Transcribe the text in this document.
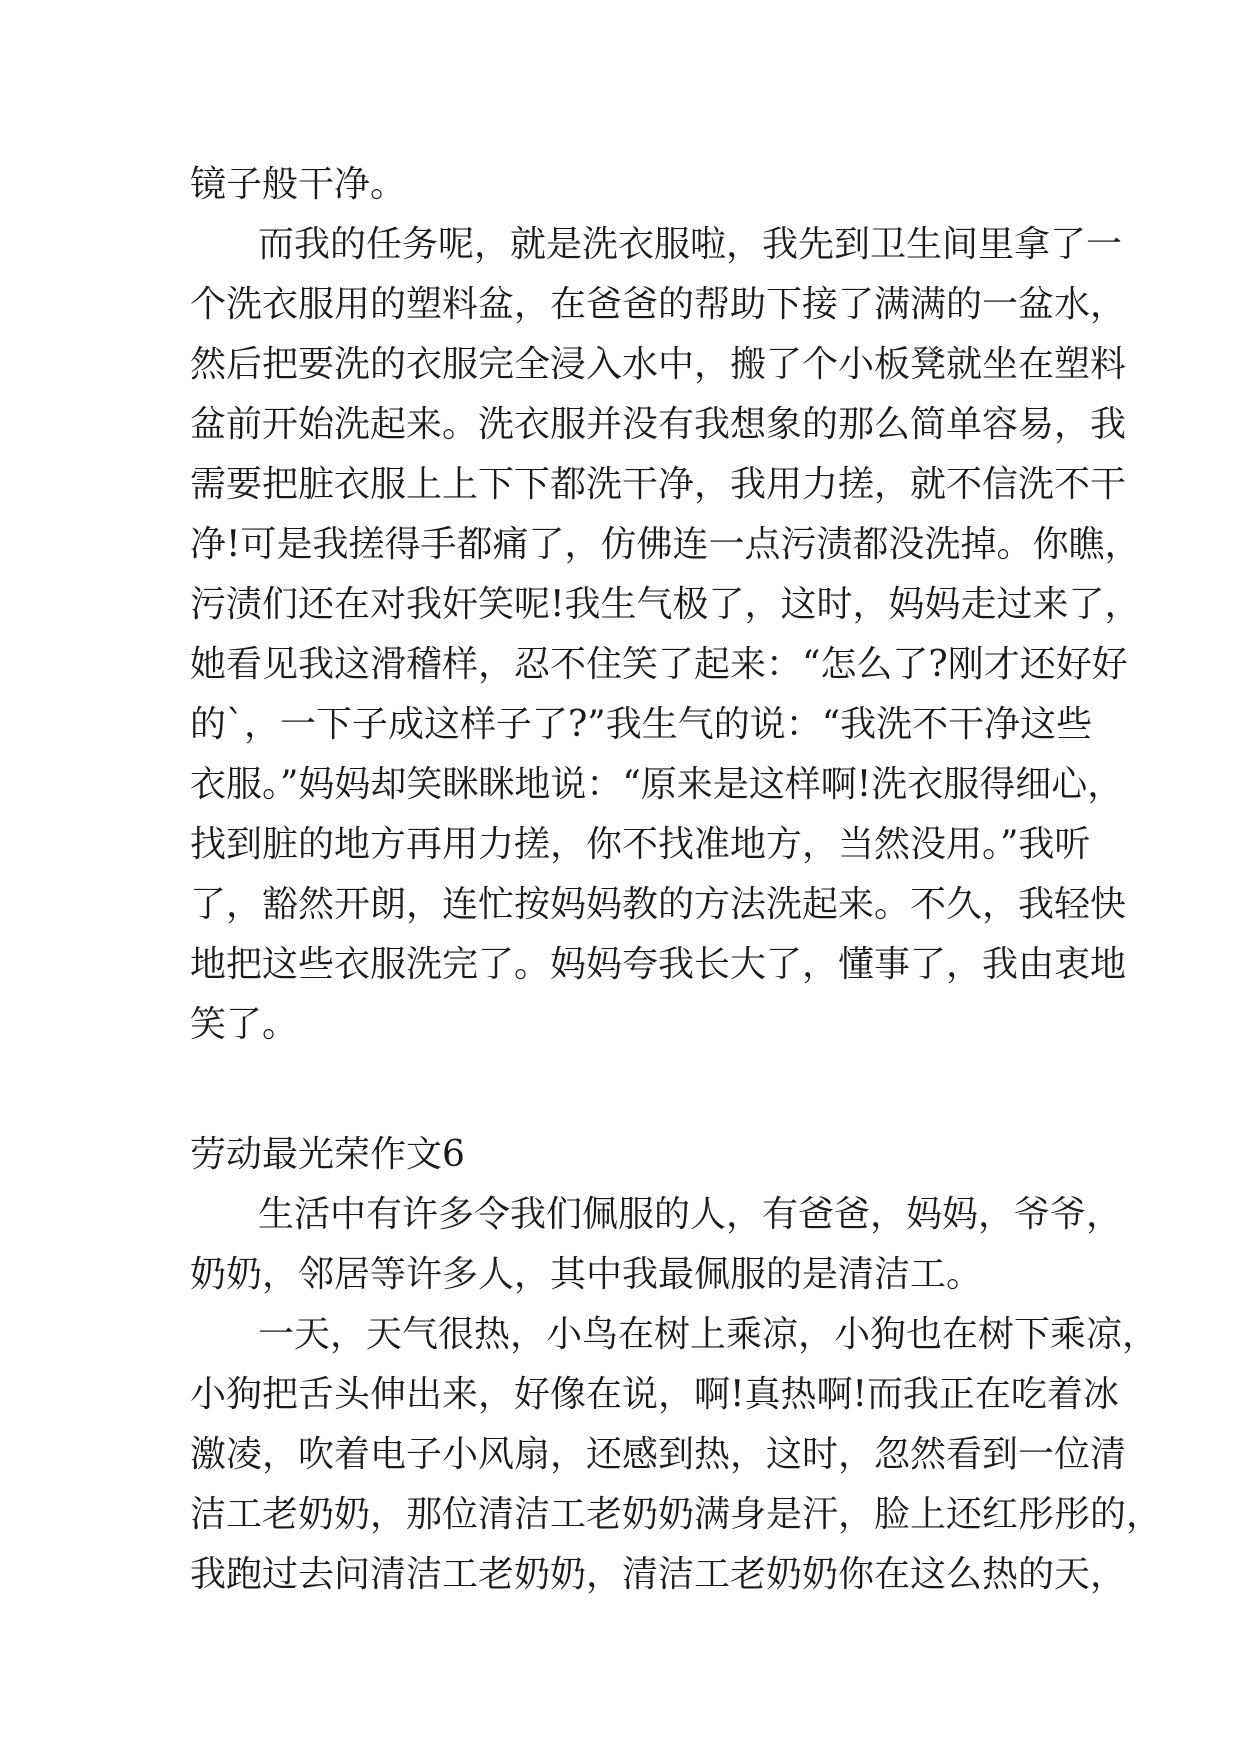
镜子般干净。
而我的任务呢，就是洗衣服啦，我先到卫生间里拿了一
个洗衣服用的塑料盆，在爸爸的帮助下接了满满的一盆水，
然后把要洗的衣服完全浸入水中，搬了个小板凳就坐在塑料
盆前开始洗起来。洗衣服并没有我想象的那么简单容易，我
需要把脏衣服上上下下都洗干净，我用力搓，就不信洗不干
净!可是我搓得手都痛了，仿佛连一点污渍都没洗掉。你瞧，
污渍们还在对我奸笑呢!我生气极了，这时，妈妈走过来了，
她看见我这滑稽样，忍不住笑了起来：“怎么了?刚才还好好
的`，一下子成这样子了?”我生气的说：“我洗不干净这些
衣服。”妈妈却笑眯眯地说：“原来是这样啊!洗衣服得细心，
找到脏的地方再用力搓，你不找准地方，当然没用。”我听
了，豁然开朗，连忙按妈妈教的方法洗起来。不久，我轻快
地把这些衣服洗完了。妈妈夸我长大了，懂事了，我由衷地
笑了。
劳动最光荣作文6
生活中有许多令我们佩服的人，有爸爸，妈妈，爷爷，
奶奶，邻居等许多人，其中我最佩服的是清洁工。
一天，天气很热，小鸟在树上乘凉，小狗也在树下乘凉，
小狗把舌头伸出来，好像在说，啊!真热啊!而我正在吃着冰
激凌，吹着电子小风扇，还感到热，这时，忽然看到一位清
洁工老奶奶，那位清洁工老奶奶满身是汗，脸上还红彤彤的，
我跑过去问清洁工老奶奶，清洁工老奶奶你在这么热的天，
